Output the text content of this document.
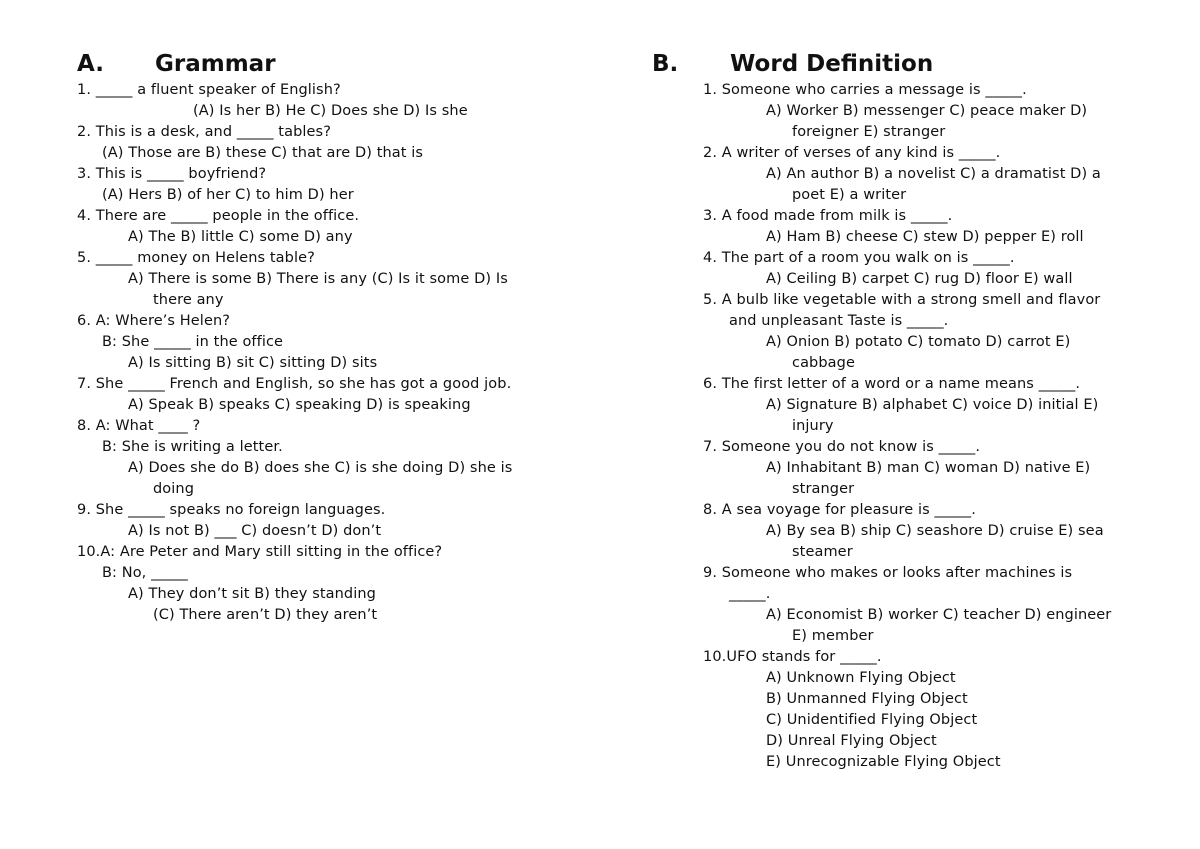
A. Grammar	B. Word Definition
1. _____ a fluent speaker of English?
(A) Is her B) He C) Does she D) Is she
2. This is a desk, and _____ tables?
(A) Those are B) these C) that are D) that is
3. This is _____ boyfriend?
(A) Hers B) of her C) to him D) her
4. There are _____ people in the office.
A) The B) little C) some D) any
5. _____ money on Helens table?
A) There is some B) There is any (C) Is it some D) Is
there any
6. A: Where’s Helen?
B: She _____ in the office
A) Is sitting B) sit C) sitting D) sits
7. She _____ French and English, so she has got a good job.
A) Speak B) speaks C) speaking D) is speaking
8. A: What ____ ?
B: She is writing a letter.
A) Does she do B) does she C) is she doing D) she is
doing
9. She _____ speaks no foreign languages.
A) Is not B) ___ C) doesn’t D) don’t
10.A: Are Peter and Mary still sitting in the office?
B: No, _____
A) They don’t sit B) they standing
(C) There aren’t D) they aren’t
1. Someone who carries a message is _____.
A) Worker B) messenger C) peace maker D)
foreigner E) stranger
2. A writer of verses of any kind is _____.
A) An author B) a novelist C) a dramatist D) a
poet E) a writer
3. A food made from milk is _____.
A) Ham B) cheese C) stew D) pepper E) roll
4. The part of a room you walk on is _____.
A) Ceiling B) carpet C) rug D) floor E) wall
5. A bulb like vegetable with a strong smell and flavor
and unpleasant Taste is _____.
A) Onion B) potato C) tomato D) carrot E)
cabbage
6. The first letter of a word or a name means _____.
A) Signature B) alphabet C) voice D) initial E)
injury
7. Someone you do not know is _____.
A) Inhabitant B) man C) woman D) native E)
stranger
8. A sea voyage for pleasure is _____.
A) By sea B) ship C) seashore D) cruise E) sea
steamer
9. Someone who makes or looks after machines is
_____.
A) Economist B) worker C) teacher D) engineer
E) member
10.UFO stands for _____.
A) Unknown Flying Object
B) Unmanned Flying Object
C) Unidentified Flying Object
D) Unreal Flying Object
E) Unrecognizable Flying Object
